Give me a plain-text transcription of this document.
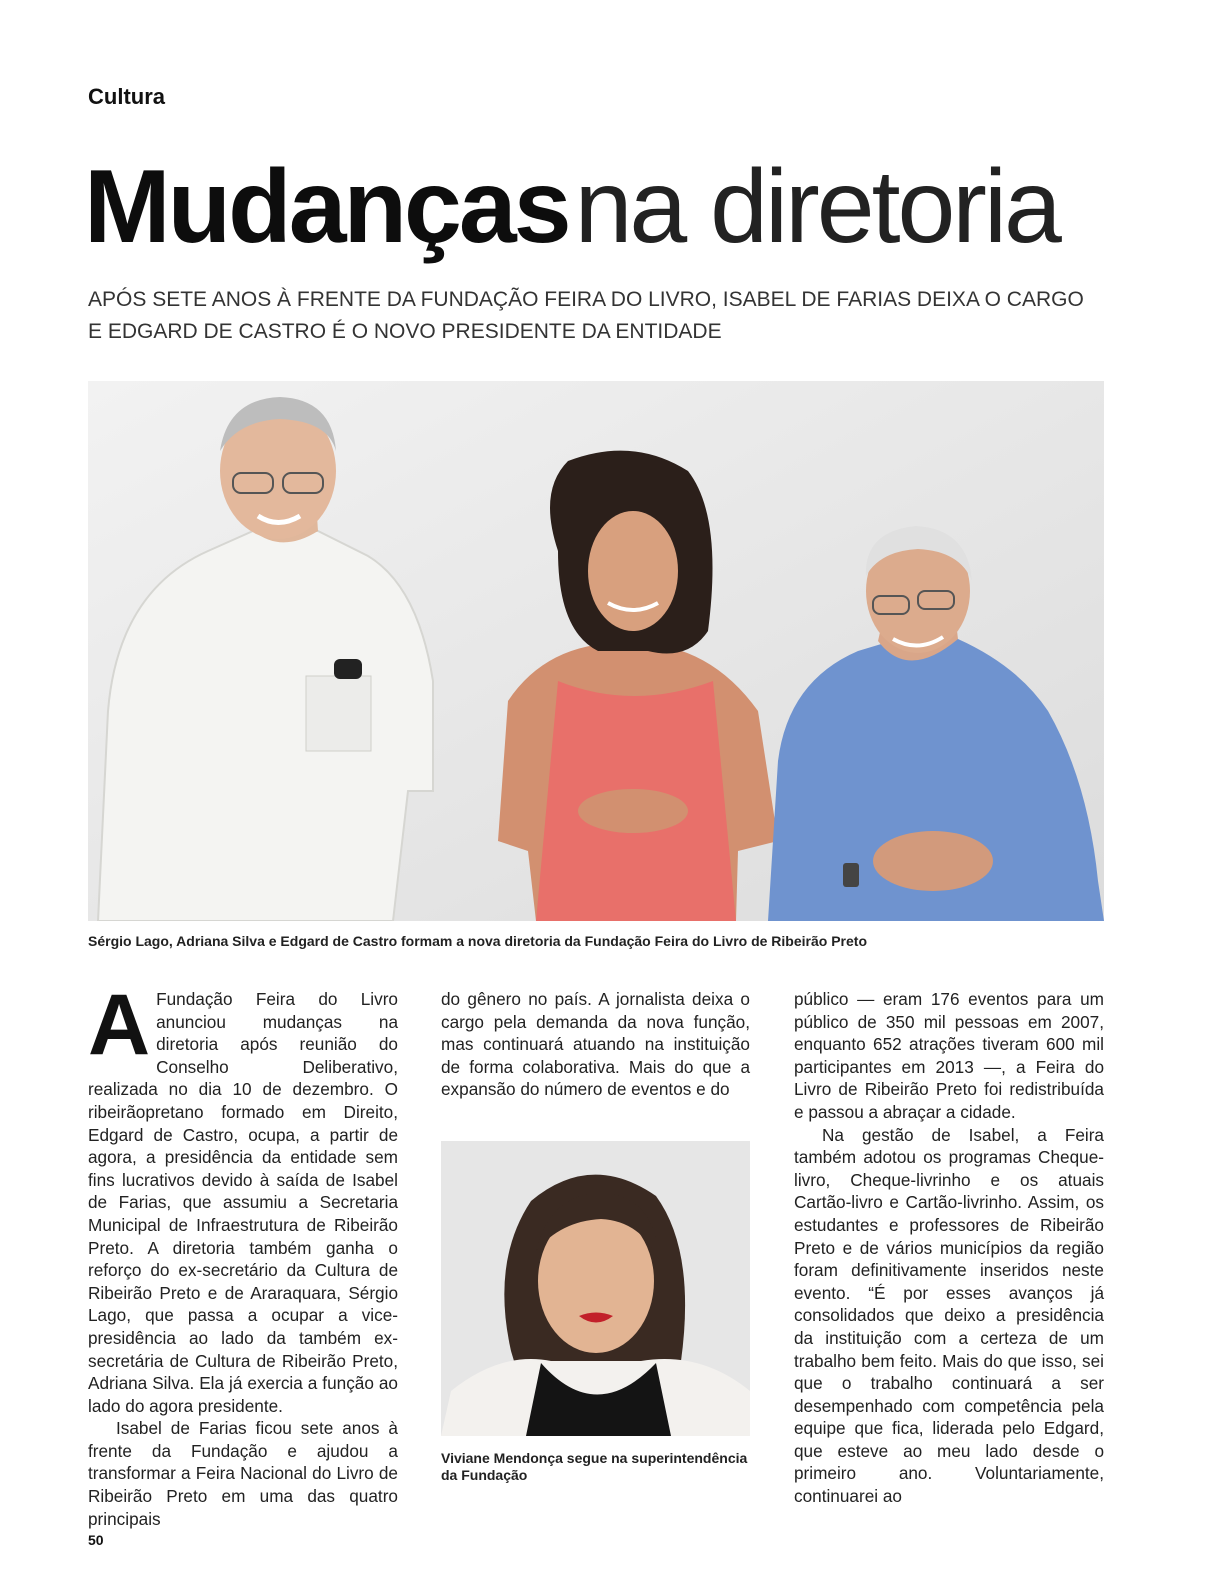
Cultura
Mudançasna diretoria
APÓS SETE ANOS À FRENTE DA FUNDAÇÃO FEIRA DO LIVRO, ISABEL DE FARIAS DEIXA O CARGO
E EDGARD DE CASTRO É O NOVO PRESIDENTE DA ENTIDADE
Sérgio Lago, Adriana Silva e Edgard de Castro formam a nova diretoria da Fundação Feira do Livro de Ribeirão Preto

A Fundação Feira do Livro anunciou mudanças na diretoria após reunião do Conselho Deliberativo, realizada no dia 10 de dezembro. O ribeirãopretano formado em Direito, Edgard de Castro, ocupa, a partir de agora, a presidência da entidade sem fins lucrativos devido à saída de Isabel de Farias, que assumiu a Secretaria Municipal de Infraestrutura de Ribeirão Preto. A diretoria também ganha o reforço do ex-secretário da Cultura de Ribeirão Preto e de Araraquara, Sérgio Lago, que passa a ocupar a vice-presidência ao lado da também ex-secretária de Cultura de Ribeirão Preto, Adriana Silva. Ela já exercia a função ao lado do agora presidente.

Isabel de Farias ficou sete anos à frente da Fundação e ajudou a transformar a Feira Nacional do Livro de Ribeirão Preto em uma das quatro principais

do gênero no país. A jornalista deixa o cargo pela demanda da nova função, mas continuará atuando na instituição de forma colaborativa. Mais do que a expansão do número de eventos e do

Viviane Mendonça segue na superintendência da Fundação

público — eram 176 eventos para um público de 350 mil pessoas em 2007, enquanto 652 atrações tiveram 600 mil participantes em 2013 —, a Feira do Livro de Ribeirão Preto foi redistribuída e passou a abraçar a cidade.

Na gestão de Isabel, a Feira também adotou os programas Cheque-livro, Cheque-livrinho e os atuais Cartão-livro e Cartão-livrinho. Assim, os estudantes e professores de Ribeirão Preto e de vários municípios da região foram definitivamente inseridos neste evento. “É por esses avanços já consolidados que deixo a presidência da instituição com a certeza de um trabalho bem feito. Mais do que isso, sei que o trabalho continuará a ser desempenhado com competência pela equipe que fica, liderada pelo Edgard, que esteve ao meu lado desde o primeiro ano. Voluntariamente, continuarei ao

50
